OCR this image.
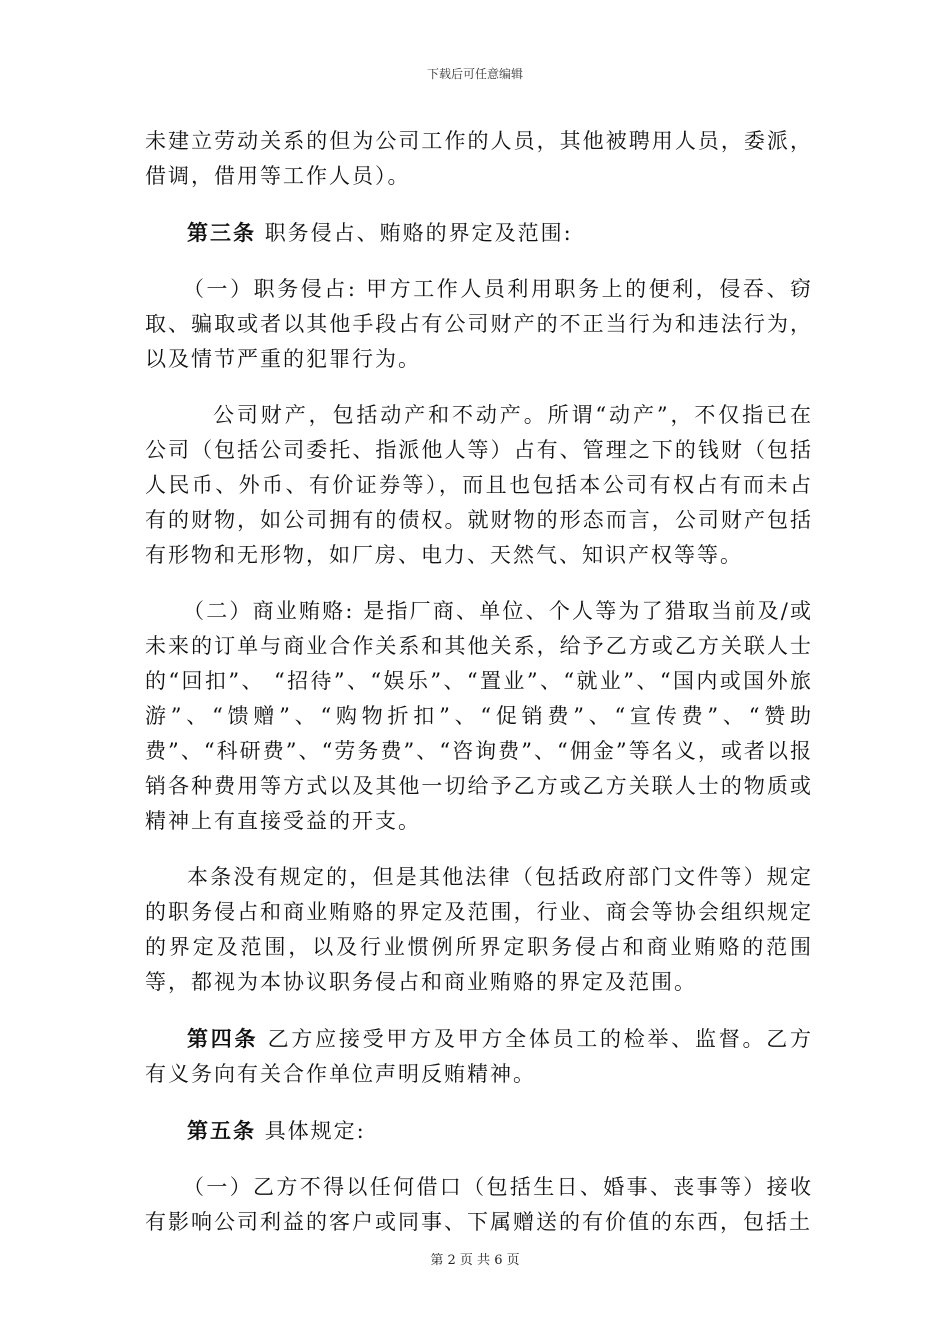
下载后可任意编辑

未建立劳动关系的但为公司工作的人员，其他被聘用人员，委派，借调，借用等工作人员）。

第三条 职务侵占、贿赂的界定及范围:

（一）职务侵占: 甲方工作人员利用职务上的便利，侵吞、窃取、骗取或者以其他手段占有公司财产的不正当行为和违法行为，以及情节严重的犯罪行为。

公司财产，包括动产和不动产。所谓“动产”，不仅指已在公司（包括公司委托、指派他人等）占有、管理之下的钱财（包括人民币、外币、有价证券等），而且也包括本公司有权占有而未占有的财物，如公司拥有的债权。就财物的形态而言，公司财产包括有形物和无形物，如厂房、电力、天然气、知识产权等等。

（二）商业贿赂: 是指厂商、单位、个人等为了猎取当前及/或未来的订单与商业合作关系和其他关系，给予乙方或乙方关联人士的“回扣”、 “招待”、“娱乐”、“置业”、“就业”、“国内或国外旅游”、“馈赠”、“购物折扣”、“促销费”、“宣传费”、“赞助费”、“科研费”、“劳务费”、“咨询费”、“佣金”等名义，或者以报销各种费用等方式以及其他一切给予乙方或乙方关联人士的物质或精神上有直接受益的开支。

本条没有规定的，但是其他法律（包括政府部门文件等）规定的职务侵占和商业贿赂的界定及范围，行业、商会等协会组织规定的界定及范围，以及行业惯例所界定职务侵占和商业贿赂的范围等，都视为本协议职务侵占和商业贿赂的界定及范围。

第四条 乙方应接受甲方及甲方全体员工的检举、监督。乙方有义务向有关合作单位声明反贿精神。

第五条 具体规定:

（一）乙方不得以任何借口（包括生日、婚事、丧事等）接收有影响公司利益的客户或同事、下属赠送的有价值的东西，包括土

第 2 页 共 6 页
